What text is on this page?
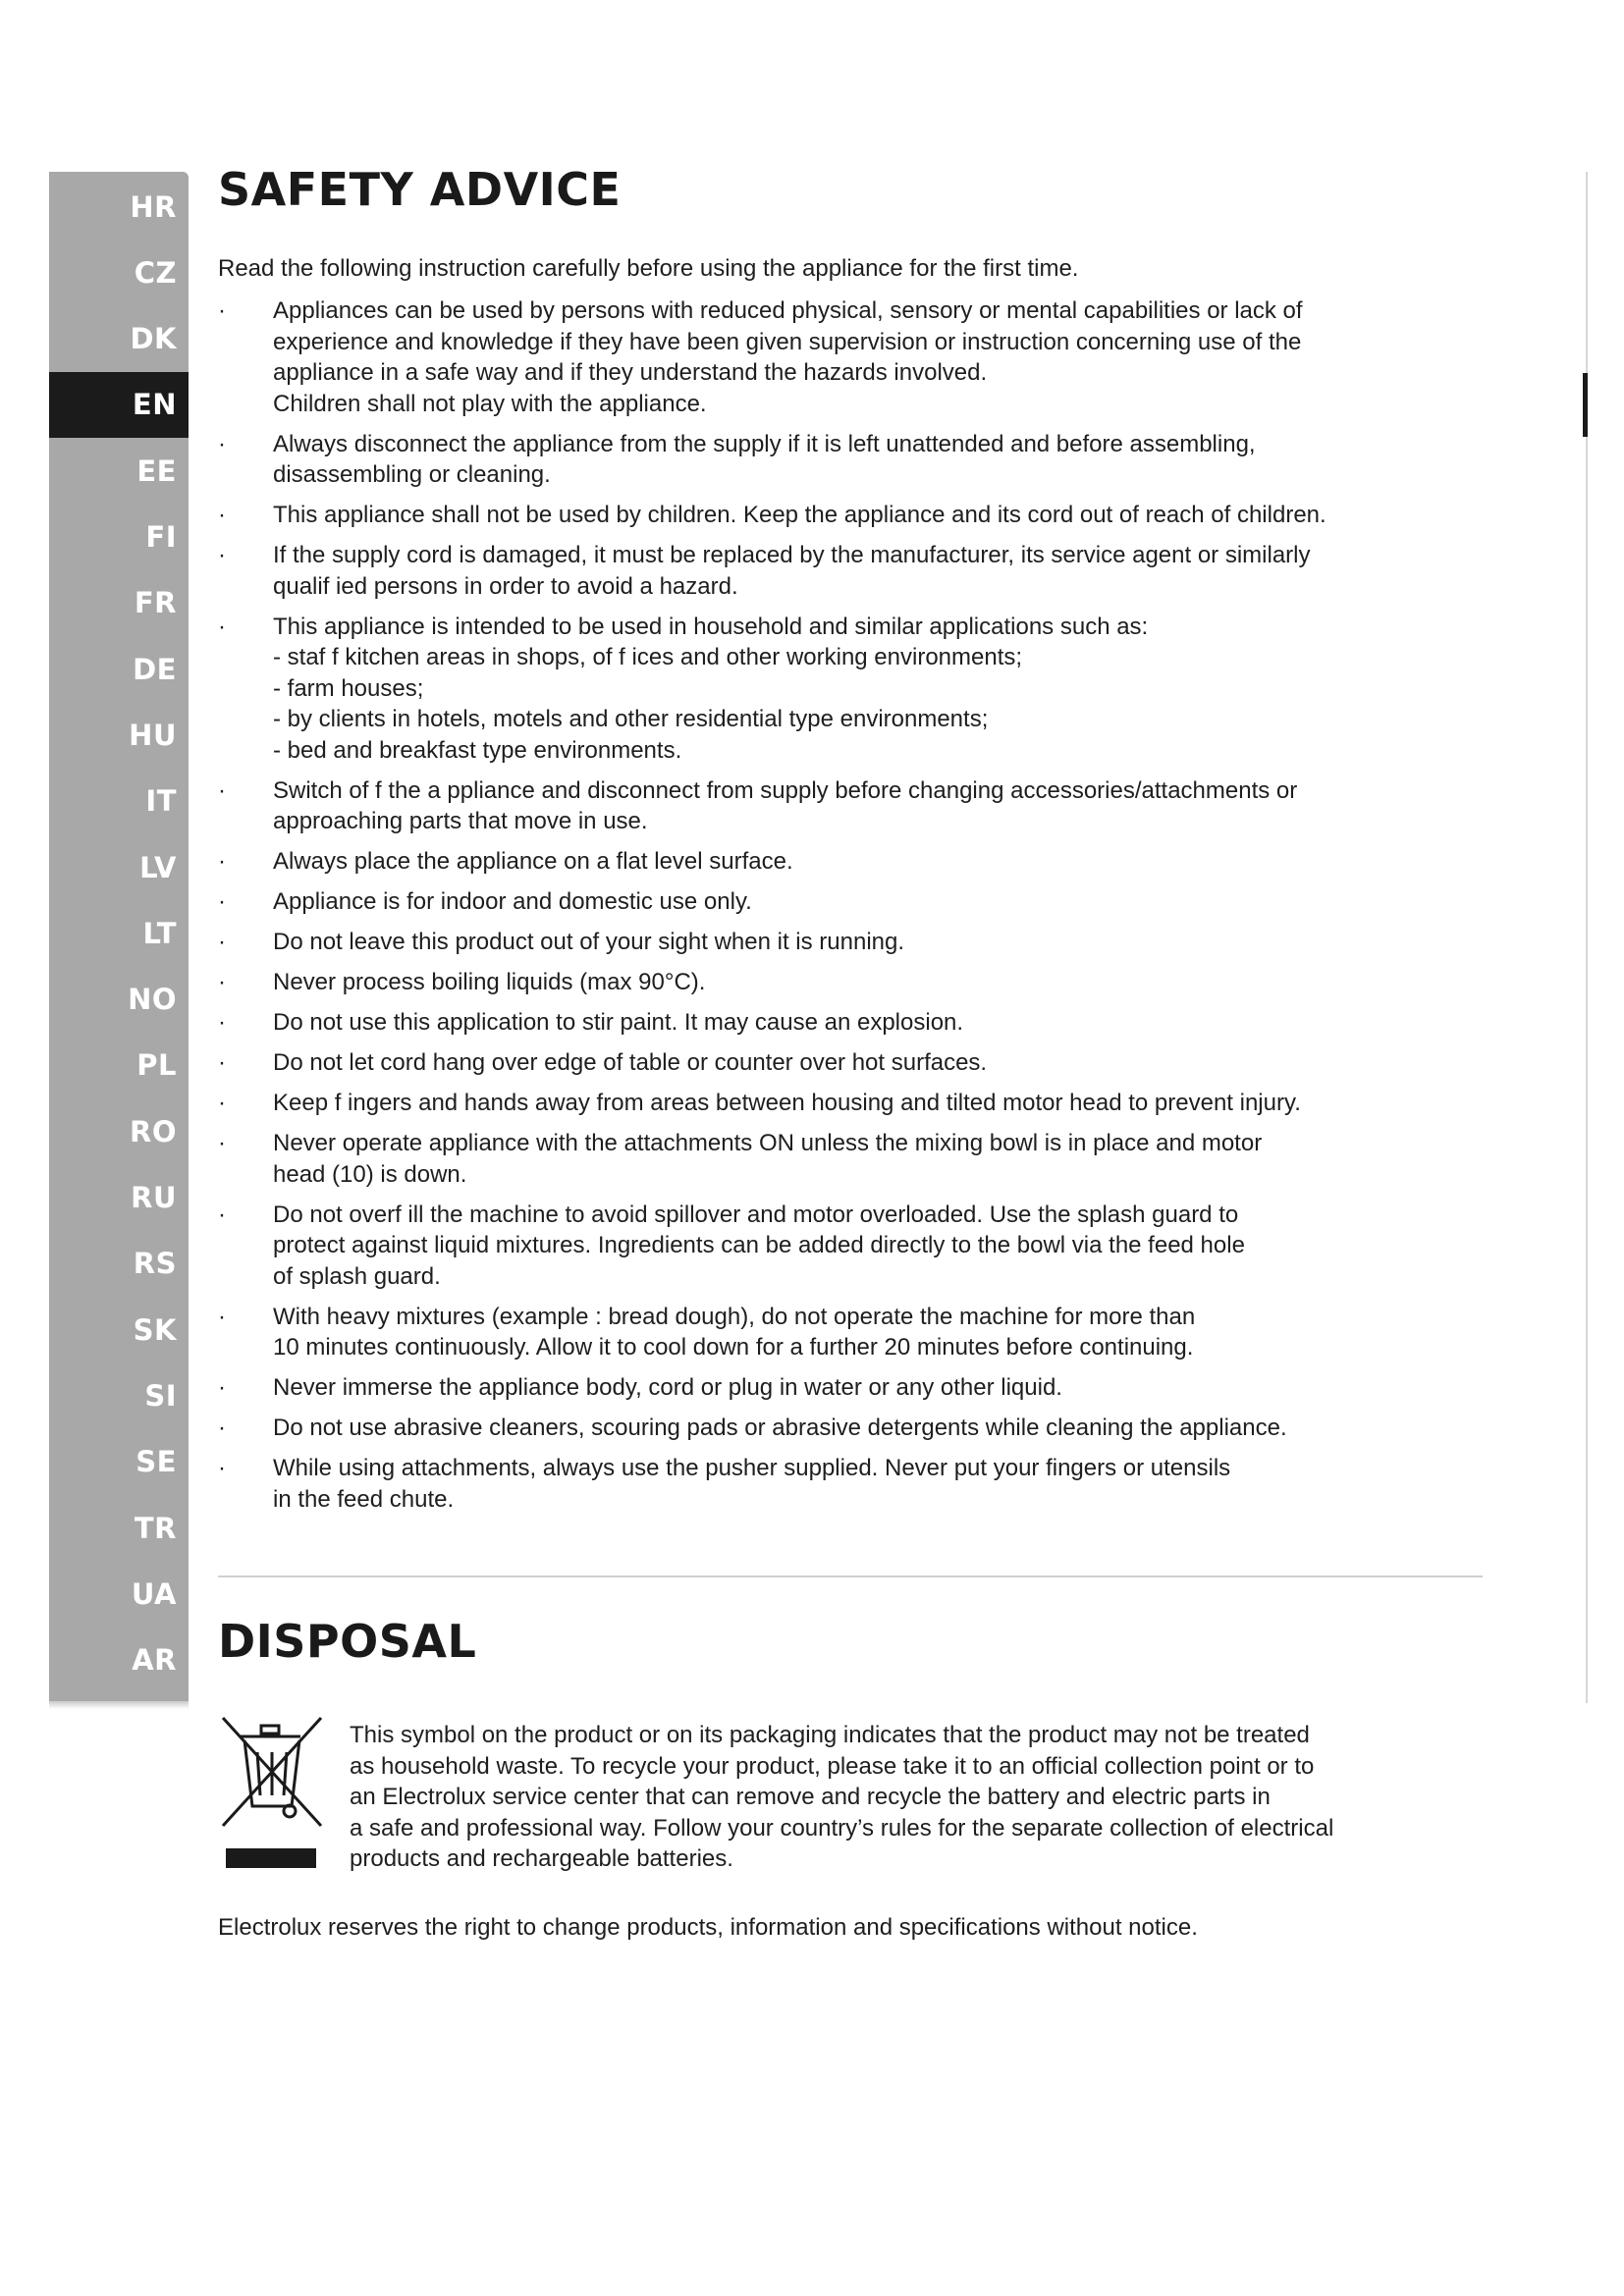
HR
CZ
DK
EN
EE
FI
FR
DE
HU
IT
LV
LT
NO
PL
RO
RU
RS
SK
SI
SE
TR
UA
AR
SAFETY ADVICE

Read the following instruction carefully before using the appliance for the first time.

·	Appliances can be used by persons with reduced physical, sensory or mental capabilities or lack of
experience and knowledge if they have been given supervision or instruction concerning use of the
appliance in a safe way and if they understand the hazards involved.
Children shall not play with the appliance.
·	Always disconnect the appliance from the supply if it is left unattended and before assembling,
disassembling or cleaning.
·	This appliance shall not be used by children. Keep the appliance and its cord out of reach of children.
·	If the supply cord is damaged, it must be replaced by the manufacturer, its service agent or similarly
qualif ied persons in order to avoid a hazard.
·	This appliance is intended to be used in household and similar applications such as:
- staf f kitchen areas in shops, of f ices and other working environments;
- farm houses;
- by clients in hotels, motels and other residential type environments;
- bed and breakfast type environments.
·	Switch of f the a ppliance and disconnect from supply before changing accessories/attachments or
approaching parts that move in use.
·	Always place the appliance on a flat level surface.
·	Appliance is for indoor and domestic use only.
·	Do not leave this product out of your sight when it is running.
·	Never process boiling liquids (max 90°C).
·	Do not use this application to stir paint. It may cause an explosion.
·	Do not let cord hang over edge of table or counter over hot surfaces.
·	Keep f ingers and hands away from areas between housing and tilted motor head to prevent injury.
·	Never operate appliance with the attachments ON unless the mixing bowl is in place and motor
head (10) is down.
·	Do not overf ill the machine to avoid spillover and motor overloaded. Use the splash guard to
protect against liquid mixtures. Ingredients can be added directly to the bowl via the feed hole
of splash guard.
·	With heavy mixtures (example : bread dough), do not operate the machine for more than
10 minutes continuously. Allow it to cool down for a further 20 minutes before continuing.
·	Never immerse the appliance body, cord or plug in water or any other liquid.
·	Do not use abrasive cleaners, scouring pads or abrasive detergents while cleaning the appliance.
·	While using attachments, always use the pusher supplied. Never put your fingers or utensils
in the feed chute.
DISPOSAL

This symbol on the product or on its packaging indicates that the product may not be treated
as household waste. To recycle your product, please take it to an official collection point or to
an Electrolux service center that can remove and recycle the battery and electric parts in
a safe and professional way. Follow your country’s rules for the separate collection of electrical
products and rechargeable batteries.

Electrolux reserves the right to change products, information and specifications without notice.
